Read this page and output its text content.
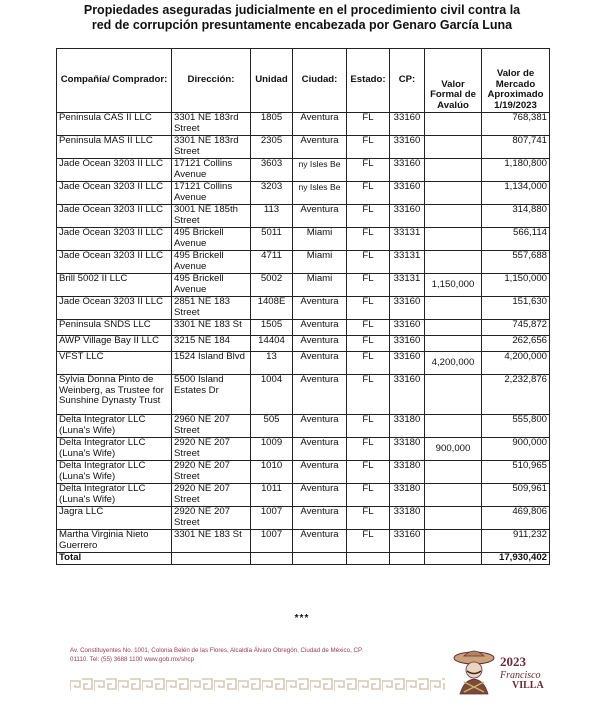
Propiedades aseguradas judicialmente en el procedimiento civil contra la
red de corrupción presuntamente encabezada por Genaro García Luna
Compañía/ Comprador:	Dirección:	Unidad	Ciudad:	Estado:	CP:	Valor Formal de Avalúo	Valor de Mercado Aproximado 1/19/2023
Peninsula CAS II LLC	3301 NE 183rd Street	1805	Aventura	FL	33160		768,381
Peninsula MAS II LLC	3301 NE 183rd Street	2305	Aventura	FL	33160		807,741
Jade Ocean 3203 II LLC	17121 Collins Avenue	3603	ny Isles Be	FL	33160		1,180,800
Jade Ocean 3203 II LLC	17121 Collins Avenue	3203	ny Isles Be	FL	33160		1,134,000
Jade Ocean 3203 II LLC	3001 NE 185th Street	113	Aventura	FL	33160		314,880
Jade Ocean 3203 II LLC	495 Brickell Avenue	5011	Miami	FL	33131		566,114
Jade Ocean 3203 II LLC	495 Brickell Avenue	4711	Miami	FL	33131		557,688
Brill 5002 II LLC	495 Brickell Avenue	5002	Miami	FL	33131	1,150,000	1,150,000
Jade Ocean 3203 II LLC	2851 NE 183 Street	1408E	Aventura	FL	33160		151,630
Peninsula SNDS LLC	3301 NE 183 St	1505	Aventura	FL	33160		745,872
AWP Village Bay II LLC	3215 NE 184	14404	Aventura	FL	33160		262,656
VFST LLC	1524 Island Blvd	13	Aventura	FL	33160	4,200,000	4,200,000
Sylvia Donna Pinto de Weinberg, as Trustee for Sunshine Dynasty Trust	5500 Island Estates Dr	1004	Aventura	FL	33160		2,232,876
Delta Integrator LLC (Luna's Wife)	2960 NE 207 Street	505	Aventura	FL	33180		555,800
Delta Integrator LLC (Luna's Wife)	2920 NE 207 Street	1009	Aventura	FL	33180	900,000	900,000
Delta Integrator LLC (Luna's Wife)	2920 NE 207 Street	1010	Aventura	FL	33180		510,965
Delta Integrator LLC (Luna's Wife)	2920 NE 207 Street	1011	Aventura	FL	33180		509,961
Jagra LLC	2920 NE 207 Street	1007	Aventura	FL	33180		469,806
Martha Virginia Nieto Guerrero	3301 NE 183 St	1007	Aventura	FL	33160		911,232
Total							17,930,402
***
Av. Constituyentes No. 1001, Colonia Belén de las Flores, Alcaldía Álvaro Obregón, Ciudad de México, CP.
01110. Tel: (55) 3688 1100 www.gob.mx/shcp	2023
Francisco
VILLA
